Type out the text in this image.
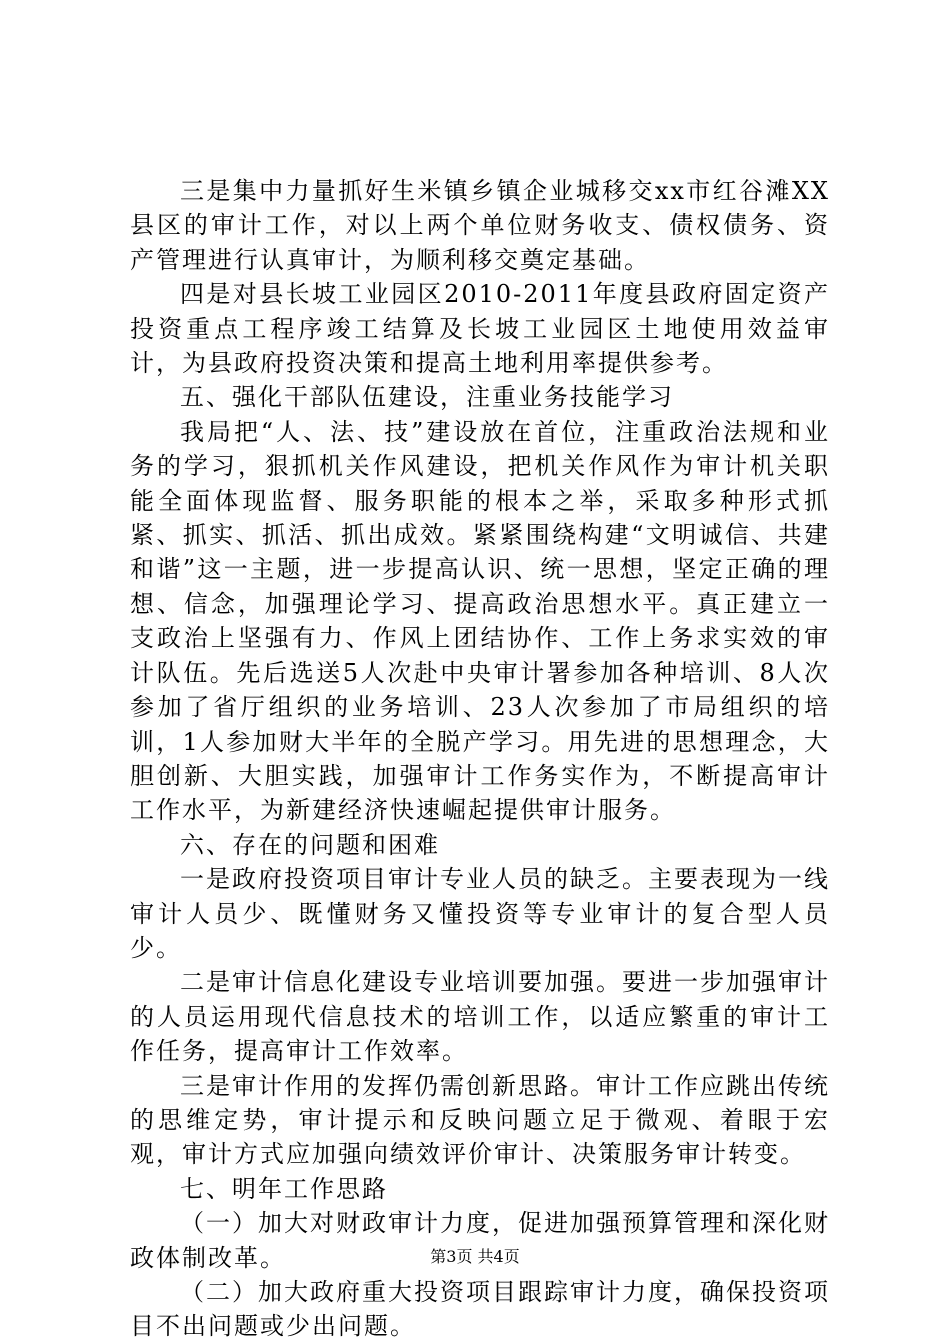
三是集中力量抓好生米镇乡镇企业城移交xx市红谷滩XX县区的审计工作，对以上两个单位财务收支、债权债务、资产管理进行认真审计，为顺利移交奠定基础。

四是对县长坡工业园区2010-2011年度县政府固定资产投资重点工程序竣工结算及长坡工业园区土地使用效益审计，为县政府投资决策和提高土地利用率提供参考。

五、强化干部队伍建设，注重业务技能学习

我局把“人、法、技”建设放在首位，注重政治法规和业务的学习，狠抓机关作风建设，把机关作风作为审计机关职能全面体现监督、服务职能的根本之举，采取多种形式抓紧、抓实、抓活、抓出成效。紧紧围绕构建“文明诚信、共建和谐”这一主题，进一步提高认识、统一思想，坚定正确的理想、信念，加强理论学习、提高政治思想水平。真正建立一支政治上坚强有力、作风上团结协作、工作上务求实效的审计队伍。先后选送5人次赴中央审计署参加各种培训、8人次参加了省厅组织的业务培训、23人次参加了市局组织的培训，1人参加财大半年的全脱产学习。用先进的思想理念，大胆创新、大胆实践，加强审计工作务实作为，不断提高审计工作水平，为新建经济快速崛起提供审计服务。

六、存在的问题和困难

一是政府投资项目审计专业人员的缺乏。主要表现为一线审计人员少、既懂财务又懂投资等专业审计的复合型人员少。

二是审计信息化建设专业培训要加强。要进一步加强审计的人员运用现代信息技术的培训工作，以适应繁重的审计工作任务，提高审计工作效率。

三是审计作用的发挥仍需创新思路。审计工作应跳出传统的思维定势，审计提示和反映问题立足于微观、着眼于宏观，审计方式应加强向绩效评价审计、决策服务审计转变。

七、明年工作思路

（一）加大对财政审计力度，促进加强预算管理和深化财政体制改革。

（二）加大政府重大投资项目跟踪审计力度，确保投资项目不出问题或少出问题。

第3页 共4页
